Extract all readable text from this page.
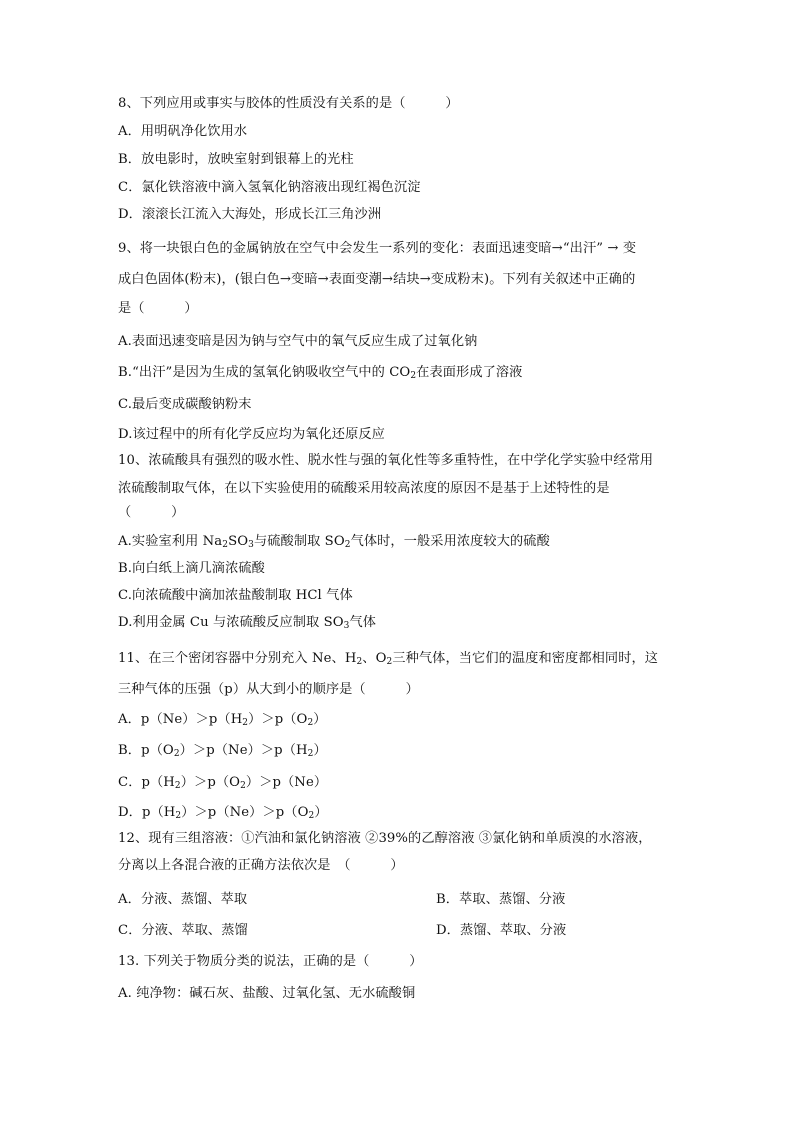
8、下列应用或事实与胶体的性质没有关系的是（　　　）
A．用明矾净化饮用水
B．放电影时，放映室射到银幕上的光柱
C．氯化铁溶液中滴入氢氧化钠溶液出现红褐色沉淀
D．滚滚长江流入大海处，形成长江三角沙洲
9、将一块银白色的金属钠放在空气中会发生一系列的变化：表面迅速变暗→“出汗” → 变
成白色固体(粉末)，(银白色→变暗→表面变潮→结块→变成粉末)。下列有关叙述中正确的
是（　　　）
A.表面迅速变暗是因为钠与空气中的氧气反应生成了过氧化钠
B.“出汗”是因为生成的氢氧化钠吸收空气中的 $CO_2$在表面形成了溶液
C.最后变成碳酸钠粉末
D.该过程中的所有化学反应均为氧化还原反应
10、浓硫酸具有强烈的吸水性、脱水性与强的氧化性等多重特性，在中学化学实验中经常用
浓硫酸制取气体，在以下实验使用的硫酸采用较高浓度的原因不是基于上述特性的是
（　　　）
A.实验室利用 $Na_2SO_3$与硫酸制取 $SO_2$气体时，一般采用浓度较大的硫酸
B.向白纸上滴几滴浓硫酸
C.向浓硫酸中滴加浓盐酸制取 HCl 气体
D.利用金属 Cu 与浓硫酸反应制取 $SO_3$气体
11、在三个密闭容器中分别充入 Ne、$H_2$、$O_2$三种气体，当它们的温度和密度都相同时，这
三种气体的压强（p）从大到小的顺序是（　　　）
A．$p(Ne)>p(H_2)>p(O_2)$
B．$p(O_2)>p(Ne)>p(H_2)$
C．$p(H_2)>p(O_2)>p(Ne)$
D．$p(H_2)>p(Ne)>p(O_2)$
12、现有三组溶液：①汽油和氯化钠溶液 ②39%的乙醇溶液 ③氯化钠和单质溴的水溶液，
分离以上各混合液的正确方法依次是　（　　　）
A．分液、蒸馏、萃取	B．萃取、蒸馏、分液
C．分液、萃取、蒸馏	D．蒸馏、萃取、分液
13. 下列关于物质分类的说法，正确的是（　　　）
A. 纯净物：碱石灰、盐酸、过氧化氢、无水硫酸铜
